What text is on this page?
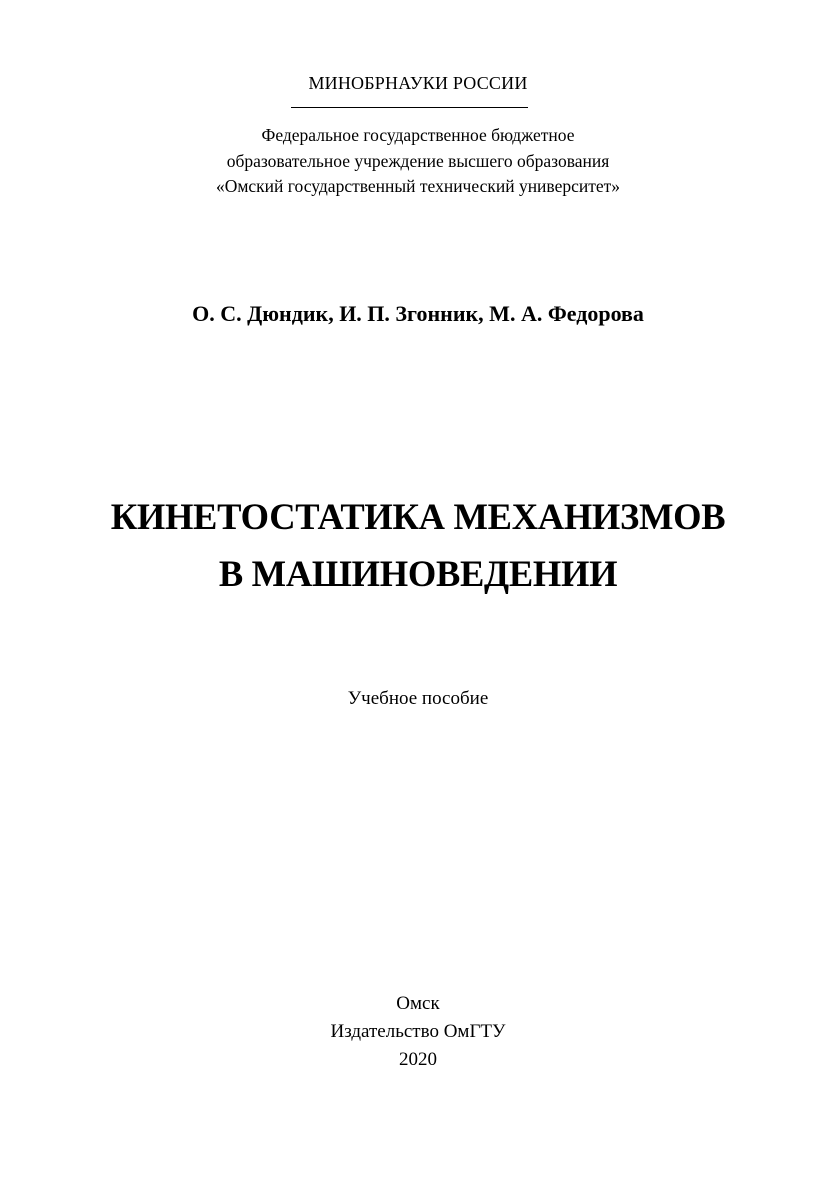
МИНОБРНАУКИ РОССИИ
Федеральное государственное бюджетное
образовательное учреждение высшего образования
«Омский государственный технический университет»
О. С. Дюндик, И. П. Згонник, М. А. Федорова
КИНЕТОСТАТИКА МЕХАНИЗМОВ
В МАШИНОВЕДЕНИИ
Учебное пособие
Омск
Издательство ОмГТУ
2020
